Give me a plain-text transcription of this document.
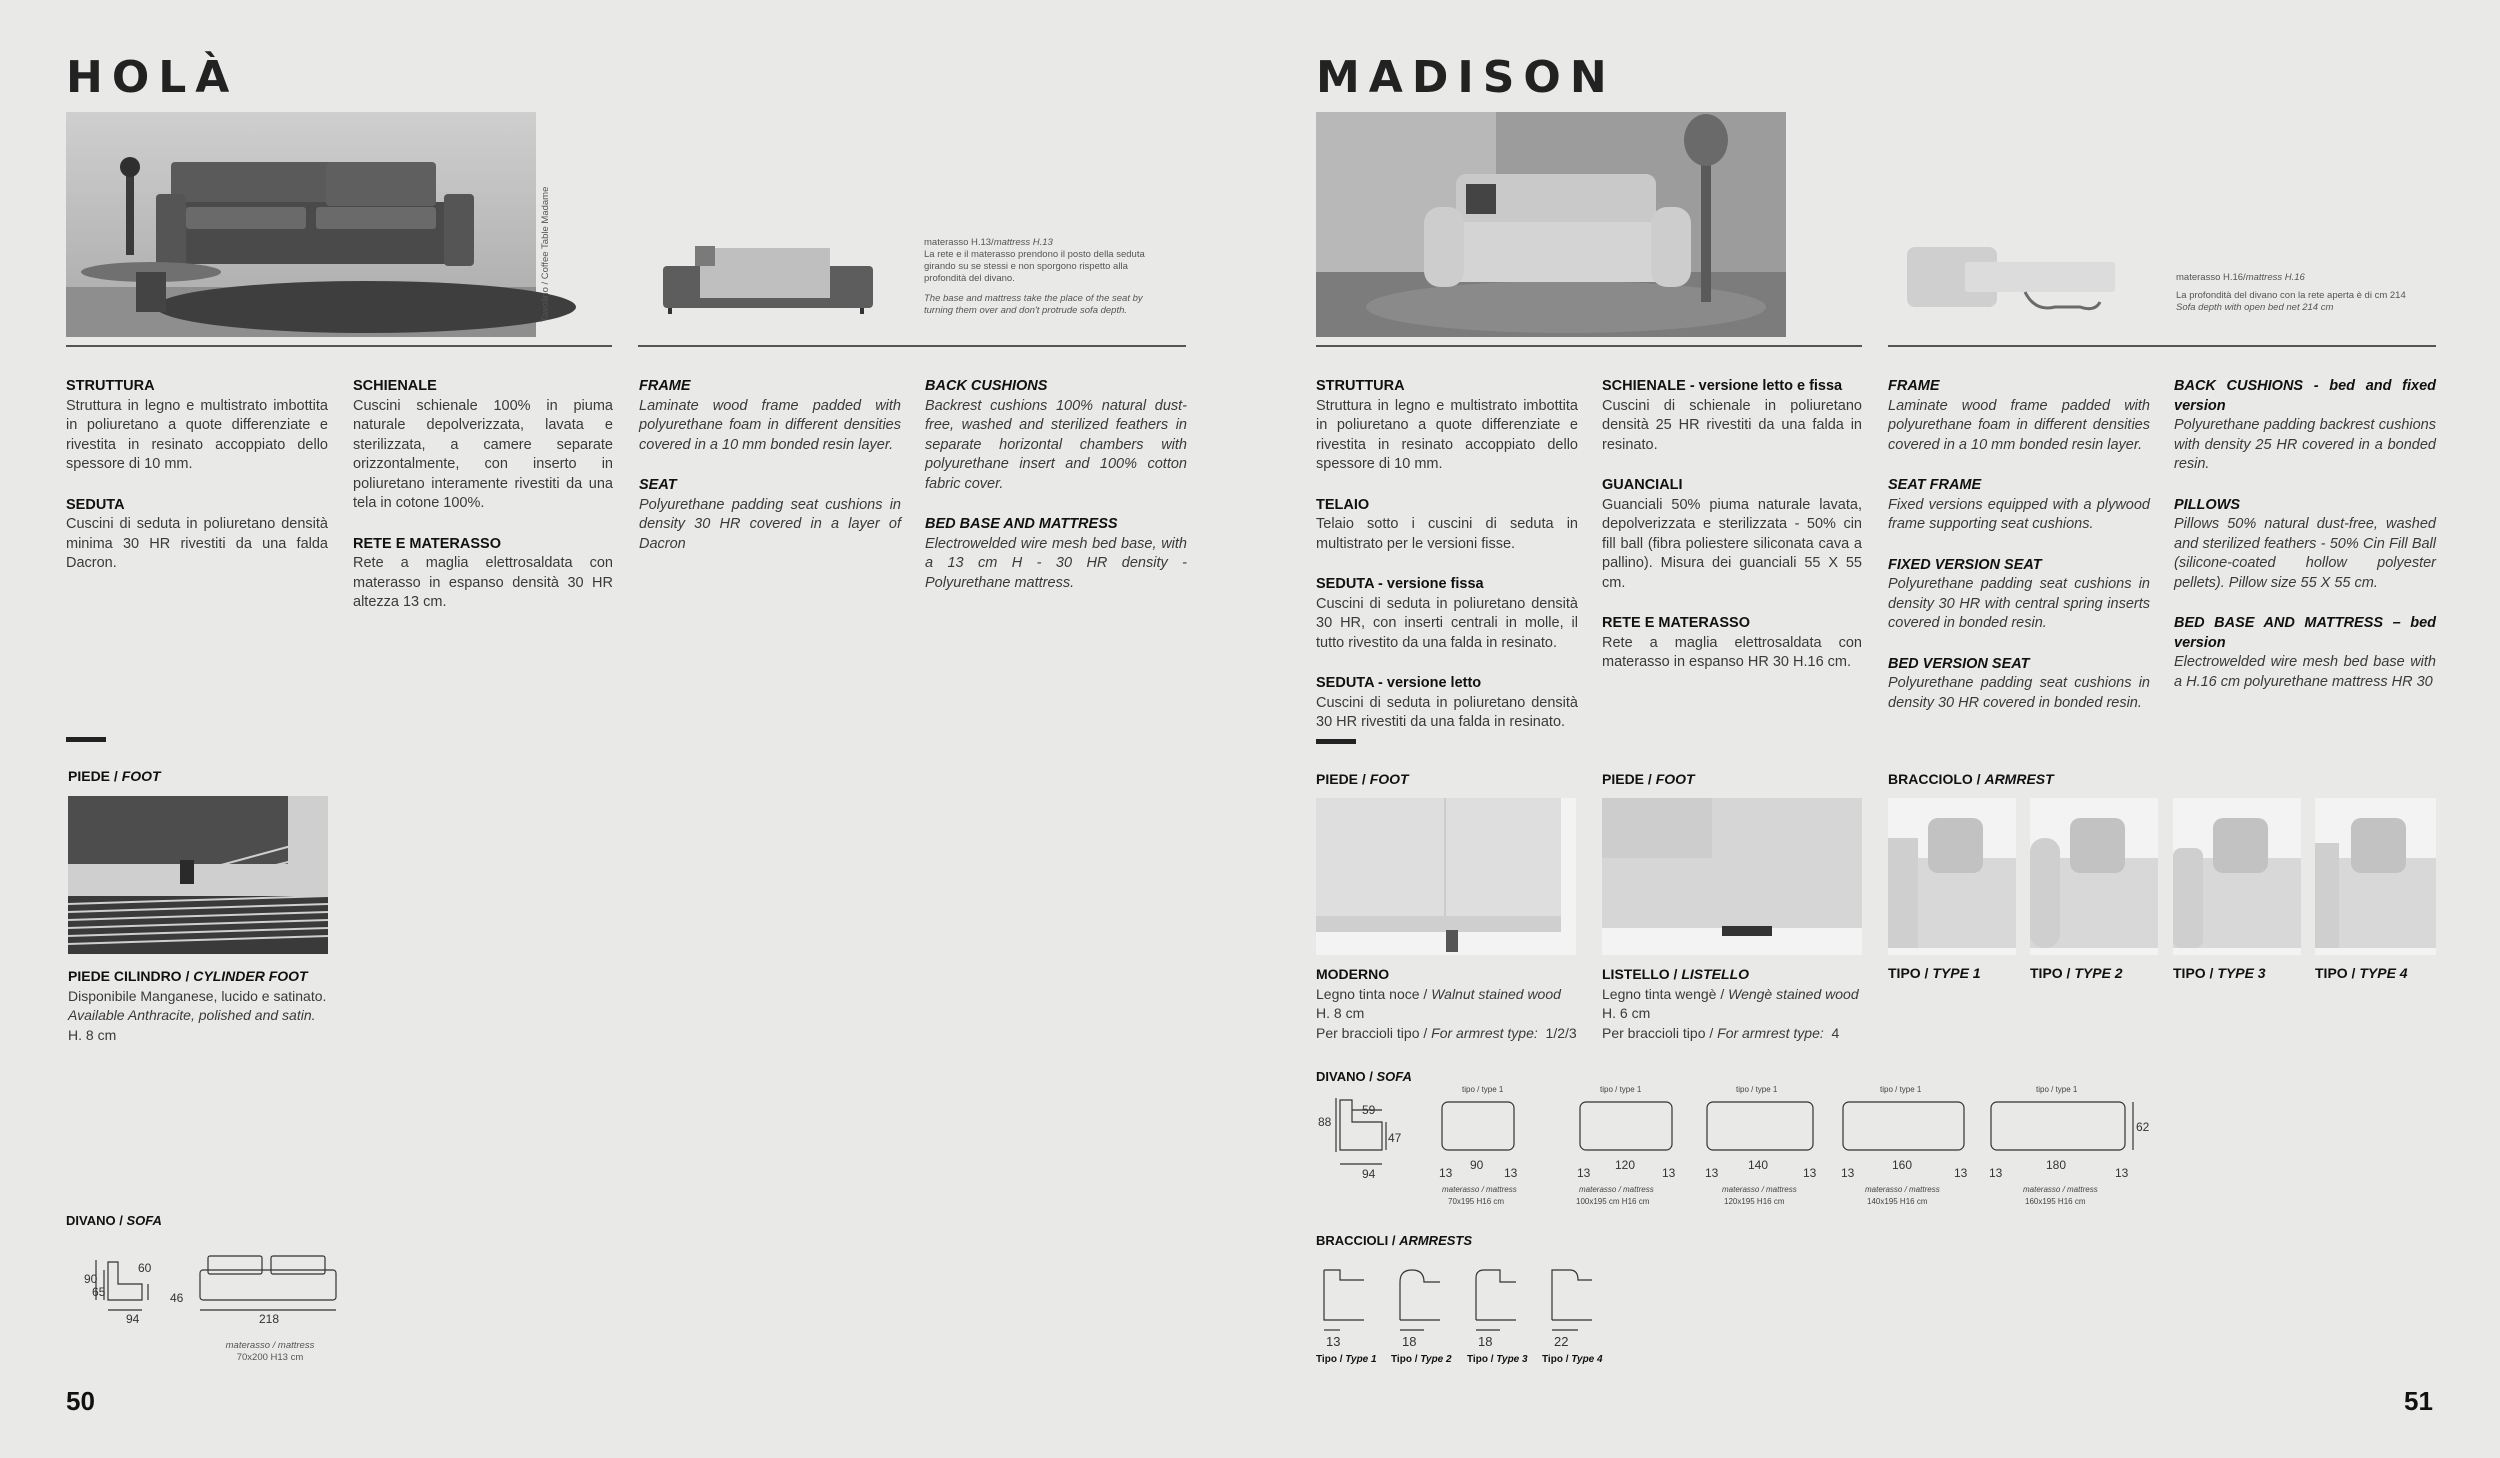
HOLÀ
Tavolino / Coffee Table Madame	materasso H.13/mattress H.13
La rete e il materasso prendono il posto della seduta girando su se stessi e non sporgono rispetto alla profondità del divano.
The base and mattress take the place of the seat by turning them over and don't protrude sofa depth.
STRUTTURA

Struttura in legno e multistrato imbottita in poliuretano a quote differenziate e rivestita in resinato accoppiato dello spessore di 10 mm.

SEDUTA

Cuscini di seduta in poliuretano densità minima 30 HR rivestiti da una falda Dacron.

SCHIENALE

Cuscini schienale 100% in piuma naturale depolverizzata, lavata e sterilizzata, a camere separate orizzontalmente, con inserto in poliuretano interamente rivestiti da una tela in cotone 100%.

RETE E MATERASSO

Rete a maglia elettrosaldata con materasso in espanso densità 30 HR altezza 13 cm.

FRAME

Laminate wood frame padded with polyurethane foam in different densities covered in a 10 mm bonded resin layer.

SEAT

Polyurethane padding seat cushions in density 30 HR covered in a layer of Dacron

BACK CUSHIONS

Backrest cushions 100% natural dust-free, washed and sterilized feathers in separate horizontal chambers with polyurethane insert and 100% cotton fabric cover.

BED BASE AND MATTRESS

Electrowelded wire mesh bed base, with a 13 cm H - 30 HR density - Polyurethane mattress.

PIEDE / FOOT
PIEDE CILINDRO / CYLINDER FOOT
Disponibile Manganese, lucido e satinato.
Available Anthracite, polished and satin.
H. 8 cm
DIVANO / SOFA
90
65
60
46
94	218
materasso / mattress
70x200 H13 cm
50
MADISON
materasso H.16/mattress H.16
La profondità del divano con la rete aperta è di cm 214
Sofa depth with open bed net 214 cm
STRUTTURA

Struttura in legno e multistrato imbottita in poliuretano a quote differenziate e rivestita in resinato accoppiato dello spessore di 10 mm.

TELAIO

Telaio sotto i cuscini di seduta in multistrato per le versioni fisse.

SEDUTA - versione fissa

Cuscini di seduta in poliuretano densità 30 HR, con inserti centrali in molle, il tutto rivestito da una falda in resinato.

SEDUTA - versione letto

Cuscini di seduta in poliuretano densità 30 HR rivestiti da una falda in resinato.

SCHIENALE - versione letto e fissa

Cuscini di schienale in poliuretano densità 25 HR rivestiti da una falda in resinato.

GUANCIALI

Guanciali 50% piuma naturale lavata, depolverizzata e sterilizzata - 50% cin fill ball (fibra poliestere siliconata cava a pallino). Misura dei guanciali 55 X 55 cm.

RETE E MATERASSO

Rete a maglia elettrosaldata con materasso in espanso HR 30 H.16 cm.

FRAME

Laminate wood frame padded with polyurethane foam in different densities covered in a 10 mm bonded resin layer.

SEAT FRAME

Fixed versions equipped with a plywood frame supporting seat cushions.

FIXED VERSION SEAT

Polyurethane padding seat cushions in density 30 HR with central spring inserts covered in bonded resin.

BED VERSION SEAT

Polyurethane padding seat cushions in density 30 HR covered in bonded resin.

BACK CUSHIONS - bed and fixed version

Polyurethane padding backrest cushions with density 25 HR covered in a bonded resin.

PILLOWS

Pillows 50% natural dust-free, washed and sterilized feathers - 50% Cin Fill Ball (silicone-coated hollow polyester pellets). Pillow size 55 X 55 cm.

BED BASE AND MATTRESS – bed version

Electrowelded wire mesh bed base with a H.16 cm polyurethane mattress HR 30

PIEDE / FOOT	PIEDE / FOOT	BRACCIOLO / ARMREST
MODERNO
Legno tinta noce / Walnut stained wood
H. 8 cm
Per braccioli tipo / For armrest type: 1/2/3
LISTELLO / LISTELLO
Legno tinta wengè / Wengè stained wood
H. 6 cm
Per braccioli tipo / For armrest type: 4
TIPO / TYPE 1	TIPO / TYPE 2	TIPO / TYPE 3	TIPO / TYPE 4
DIVANO / SOFA
88
59
47
94
tipo / type 1	tipo / type 1	tipo / type 1	tipo / type 1	tipo / type 1
13
90
13	13
120
13 13
140
13 13
160
13 13
180
13
62
materasso / mattress
70x195 H16 cm
materasso / mattress
100x195 cm H16 cm
materasso / mattress
120x195 H16 cm
materasso / mattress
140x195 H16 cm
materasso / mattress
160x195 H16 cm
BRACCIOLI / ARMRESTS
13	18	18	22
Tipo / Type 1 Tipo / Type 2 Tipo / Type 3 Tipo / Type 4
51
